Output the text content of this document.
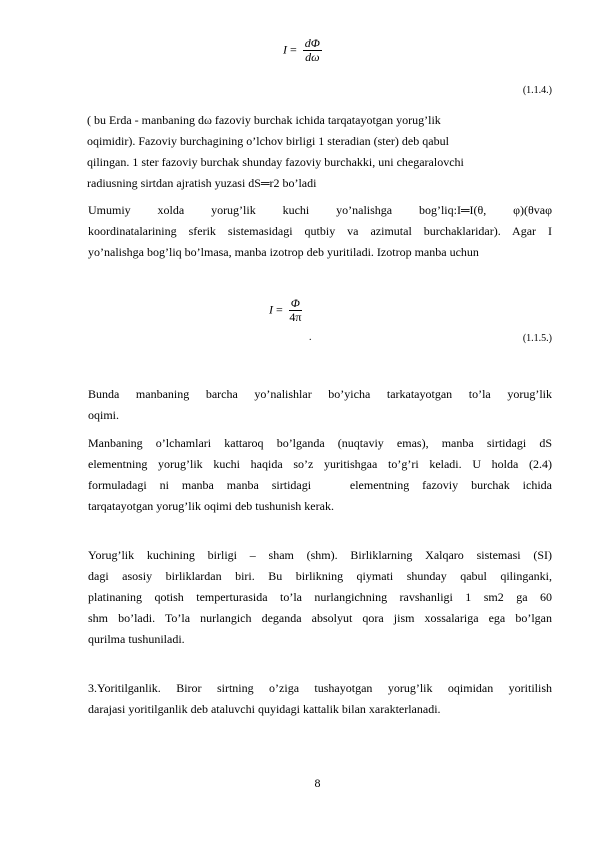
$I = \frac{d\Phi}{d\omega}$
(1.1.4.)
( bu Erda - manbaning dω fazoviy burchak ichida tarqatayotgan yorug’lik
oqimidir). Fazoviy burchagining o’lchov birligi 1 steradian (ster) deb qabul
qilingan. 1 ster fazoviy burchak shunday fazoviy burchakki, uni chegaralovchi
radiusning sirtdan ajratish yuzasi dS═r2 bo’ladi
Umumiy xolda yorug’lik kuchi yo’nalishga bog’liq:I═I(θ, φ)(θvaφ
koordinatalarining sferik sistemasidagi qutbiy va azimutal burchaklaridar). Agar I
yo’nalishga bog’liq bo’lmasa, manba izotrop deb yuritiladi. Izotrop manba uchun
$I = \frac{\Phi}{4\pi}$
.	(1.1.5.)
Bunda manbaning barcha yo’nalishlar bo’yicha tarkatayotgan to’la yorug’lik
oqimi.
Manbaning o’lchamlari kattaroq bo’lganda (nuqtaviy emas), manba sirtidagi dS
elementning yorug’lik kuchi haqida so’z yuritishgaa to’g’ri keladi. U holda (2.4)
formuladagi ni manba manba sirtidagi   elementning fazoviy burchak ichida
tarqatayotgan yorug’lik oqimi deb tushunish kerak.
Yorug’lik kuchining birligi – sham (shm). Birliklarning Xalqaro sistemasi (SI)
dagi asosiy birliklardan biri. Bu birlikning qiymati shunday qabul qilinganki,
platinaning qotish temperturasida to’la nurlangichning ravshanligi 1 sm2 ga 60
shm bo’ladi. To’la nurlangich deganda absolyut qora jism xossalariga ega bo’lgan
qurilma tushuniladi.
3.Yoritilganlik. Biror sirtning o’ziga tushayotgan yorug’lik oqimidan yoritilish
darajasi yoritilganlik deb ataluvchi quyidagi kattalik bilan xarakterlanadi.
8
